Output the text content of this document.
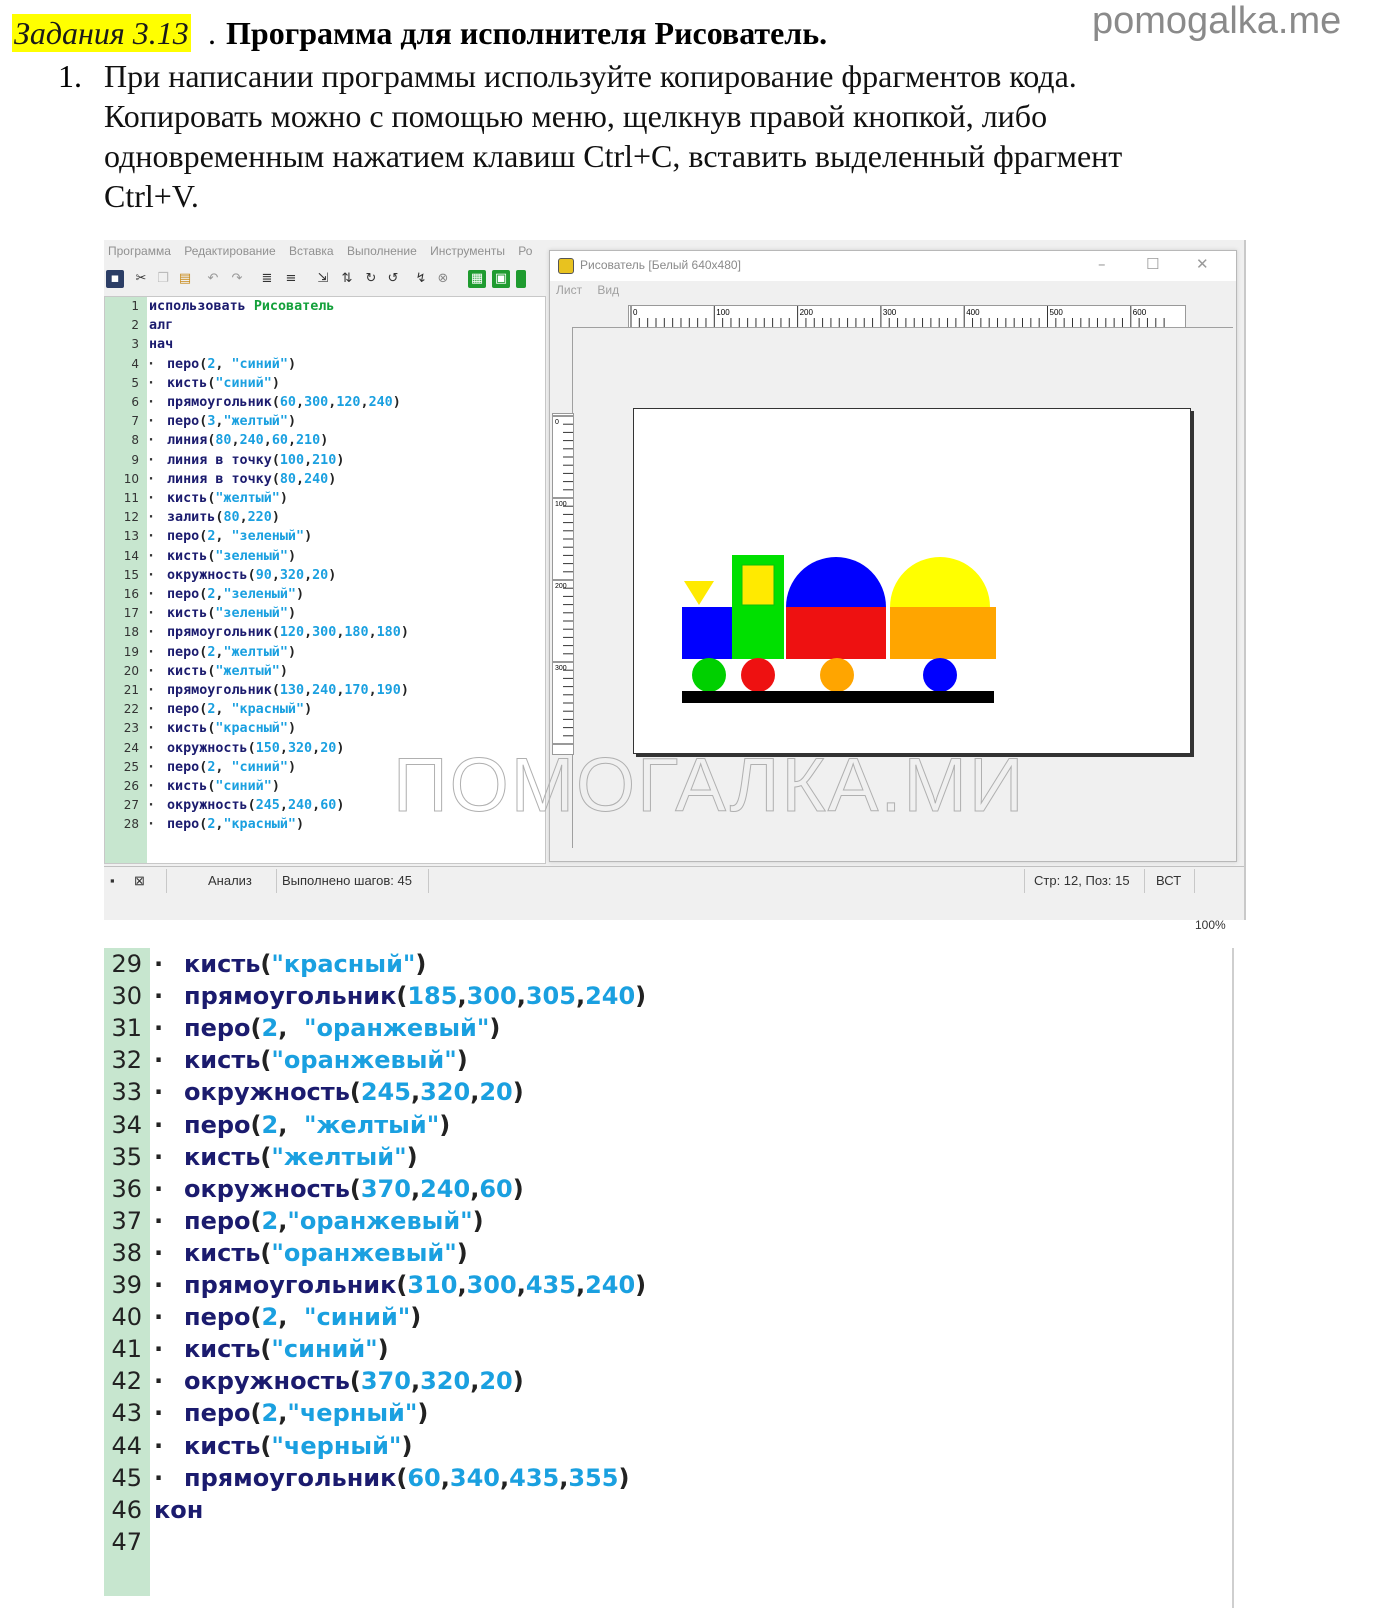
Задания 3.13 . Программа для исполнителя Рисователь.	pomogalka.me
1. При написании программы используйте копирование фрагментов кода.
Копировать можно с помощью меню, щелкнув правой кнопкой, либо
одновременным нажатием клавиш Ctrl+C, вставить выделенный фрагмент
Ctrl+V.
Программа Редактирование Вставка Выполнение Инструменты Ро
▪	✂ ❐ ▤ ↶ ↷ ≣ ≡ ⇲ ⇅ ↻ ↺ ↯ ⊗ ▦ ▣
1 использовать Рисователь
2 алг
3 нач
4 · перо(2, "синий")
5 · кисть("синий")
6 · прямоугольник(60,300,120,240)
7 · перо(3,"желтый")
8 · линия(80,240,60,210)
9 · линия в точку(100,210)
10 · линия в точку(80,240)
11 · кисть("желтый")
12 · залить(80,220)
13 · перо(2, "зеленый")
14 · кисть("зеленый")
15 · окружность(90,320,20)
16 · перо(2,"зеленый")
17 · кисть("зеленый")
18 · прямоугольник(120,300,180,180)
19 · перо(2,"желтый")
20 · кисть("желтый")
21 · прямоугольник(130,240,170,190)
22 · перо(2, "красный")
23 · кисть("красный")
24 · окружность(150,320,20)
25 · перо(2, "синий")
26 · кисть("синий")
27 · окружность(245,240,60)
28 · перо(2,"красный")
Рисователь [Белый 640х480]	–	☐ ✕
Лист Вид
0	100	200	300	400	500	600
100%
0
100
200
300
ПОМОГАЛКА.МИ
▪ ⊠	Анализ Выполнено шагов: 45	Стр: 12, Поз: 15 ВСТ
29 · кисть("красный")
30 · прямоугольник(185,300,305,240)
31 · перо(2,  "оранжевый")
32 · кисть("оранжевый")
33 · окружность(245,320,20)
34 · перо(2,  "желтый")
35 · кисть("желтый")
36 · окружность(370,240,60)
37 · перо(2,"оранжевый")
38 · кисть("оранжевый")
39 · прямоугольник(310,300,435,240)
40 · перо(2,  "синий")
41 · кисть("синий")
42 · окружность(370,320,20)
43 · перо(2,"черный")
44 · кисть("черный")
45 · прямоугольник(60,340,435,355)
46 кон
47
